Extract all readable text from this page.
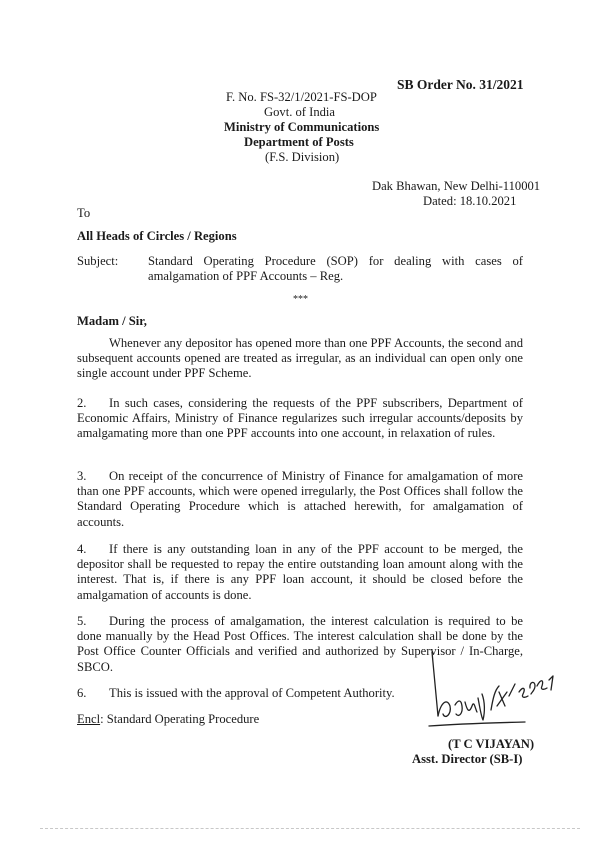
SB Order No. 31/2021
F. No. FS-32/1/2021-FS-DOP
Govt. of India
Ministry of Communications
Department of Posts
(F.S. Division)
Dak Bhawan, New Delhi-110001
Dated: 18.10.2021
To
All Heads of Circles / Regions
Subject: Standard Operating Procedure (SOP) for dealing with cases of
amalgamation of PPF Accounts – Reg.
***
Madam / Sir,
Whenever any depositor has opened more than one PPF Accounts, the second and subsequent accounts opened are treated as irregular, as an individual can open only one single account under PPF Scheme.
2. In such cases, considering the requests of the PPF subscribers, Department of Economic Affairs, Ministry of Finance regularizes such irregular accounts/deposits by amalgamating more than one PPF accounts into one account, in relaxation of rules.
3. On receipt of the concurrence of Ministry of Finance for amalgamation of more than one PPF accounts, which were opened irregularly, the Post Offices shall follow the Standard Operating Procedure which is attached herewith, for amalgamation of accounts.
4. If there is any outstanding loan in any of the PPF account to be merged, the depositor shall be requested to repay the entire outstanding loan amount along with the interest. That is, if there is any PPF loan account, it should be closed before the amalgamation of accounts is done.
5. During the process of amalgamation, the interest calculation is required to be done manually by the Head Post Offices. The interest calculation shall be done by the Post Office Counter Officials and verified and authorized by Supervisor / In-Charge, SBCO.
6. This is issued with the approval of Competent Authority.
Encl: Standard Operating Procedure
(T C VIJAYAN)
Asst. Director (SB-I)
